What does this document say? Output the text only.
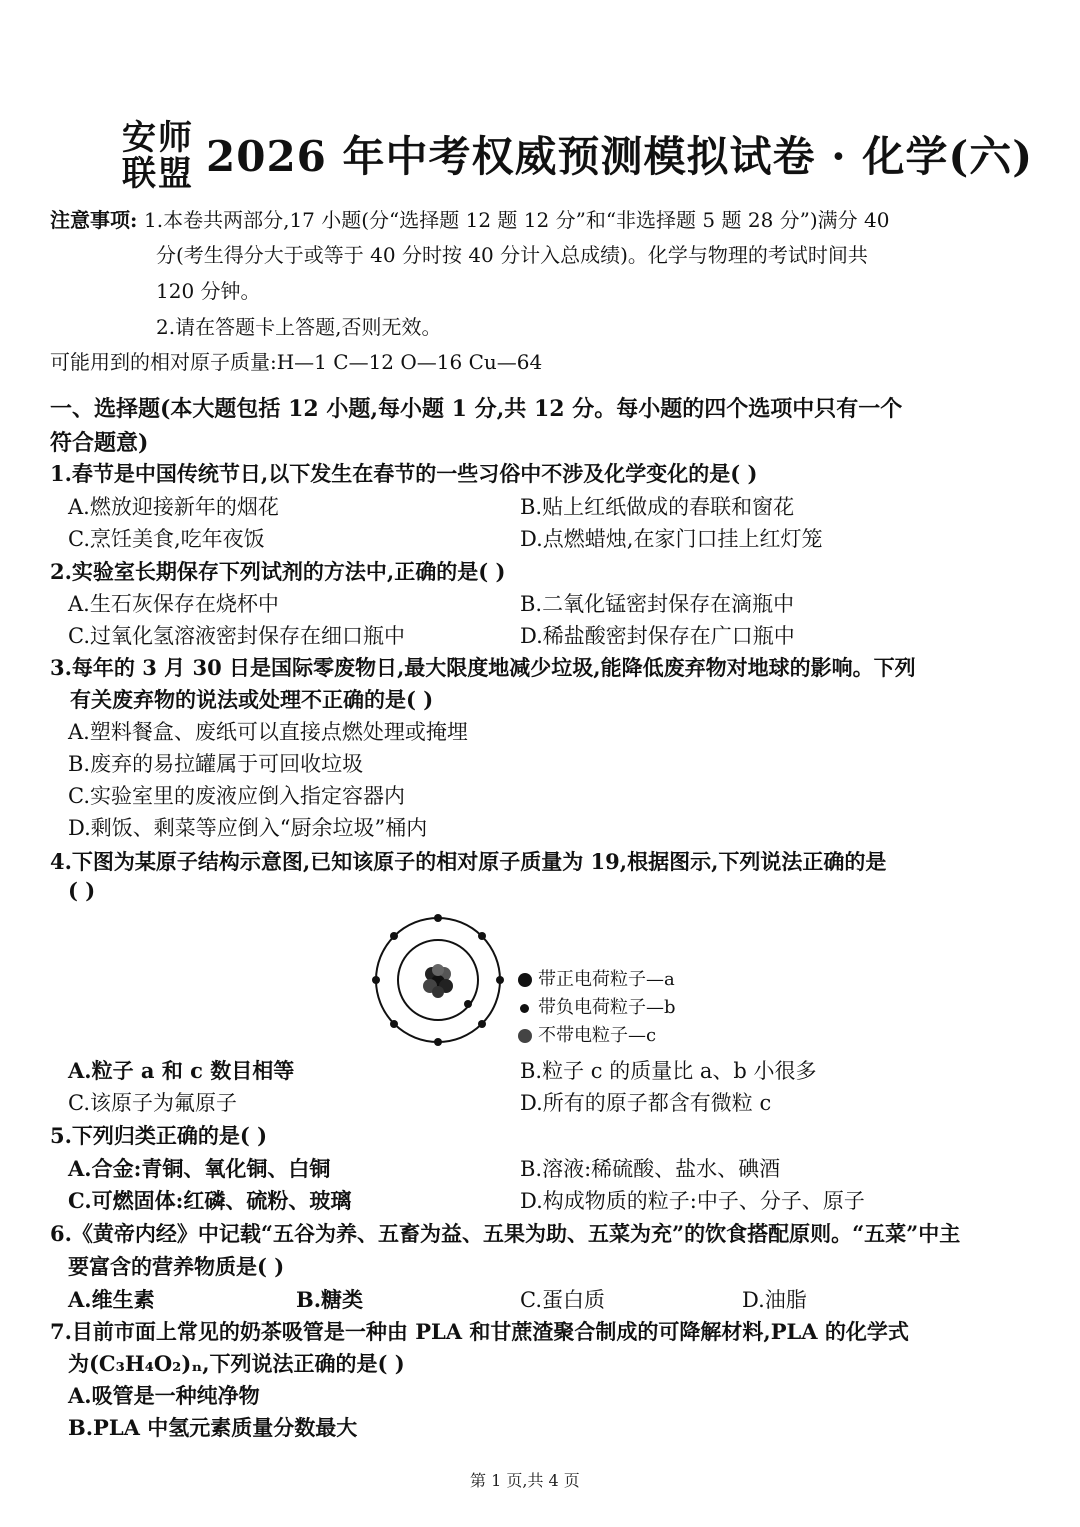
安师
联盟 2026 年中考权威预测模拟试卷 · 化学(六)
注意事项: 1.本卷共两部分,17 小题(分“选择题 12 题 12 分”和“非选择题 5 题 28 分”)满分 40
分(考生得分大于或等于 40 分时按 40 分计入总成绩)。化学与物理的考试时间共
120 分钟。
2.请在答题卡上答题,否则无效。
可能用到的相对原子质量:H—1 C—12 O—16 Cu—64
一、选择题(本大题包括 12 小题,每小题 1 分,共 12 分。每小题的四个选项中只有一个
符合题意)
1.春节是中国传统节日,以下发生在春节的一些习俗中不涉及化学变化的是( )
A.燃放迎接新年的烟花	B.贴上红纸做成的春联和窗花
C.烹饪美食,吃年夜饭	D.点燃蜡烛,在家门口挂上红灯笼
2.实验室长期保存下列试剂的方法中,正确的是( )
A.生石灰保存在烧杯中	B.二氧化锰密封保存在滴瓶中
C.过氧化氢溶液密封保存在细口瓶中	D.稀盐酸密封保存在广口瓶中
3.每年的 3 月 30 日是国际零废物日,最大限度地减少垃圾,能降低废弃物对地球的影响。下列
有关废弃物的说法或处理不正确的是( )
A.塑料餐盒、废纸可以直接点燃处理或掩埋
B.废弃的易拉罐属于可回收垃圾
C.实验室里的废液应倒入指定容器内
D.剩饭、剩菜等应倒入“厨余垃圾”桶内
4.下图为某原子结构示意图,已知该原子的相对原子质量为 19,根据图示,下列说法正确的是
( )
带正电荷粒子—a
带负电荷粒子—b
不带电粒子—c
A.粒子 a 和 c 数目相等	B.粒子 c 的质量比 a、b 小很多
C.该原子为氟原子	D.所有的原子都含有微粒 c
5.下列归类正确的是( )
A.合金:青铜、氧化铜、白铜	B.溶液:稀硫酸、盐水、碘酒
C.可燃固体:红磷、硫粉、玻璃	D.构成物质的粒子:中子、分子、原子
6.《黄帝内经》中记载“五谷为养、五畜为益、五果为助、五菜为充”的饮食搭配原则。“五菜”中主
要富含的营养物质是( )
A.维生素	B.糖类	C.蛋白质	D.油脂
7.目前市面上常见的奶茶吸管是一种由 PLA 和甘蔗渣聚合制成的可降解材料,PLA 的化学式
为(C₃H₄O₂)ₙ,下列说法正确的是( )
A.吸管是一种纯净物
B.PLA 中氢元素质量分数最大
第 1 页,共 4 页
